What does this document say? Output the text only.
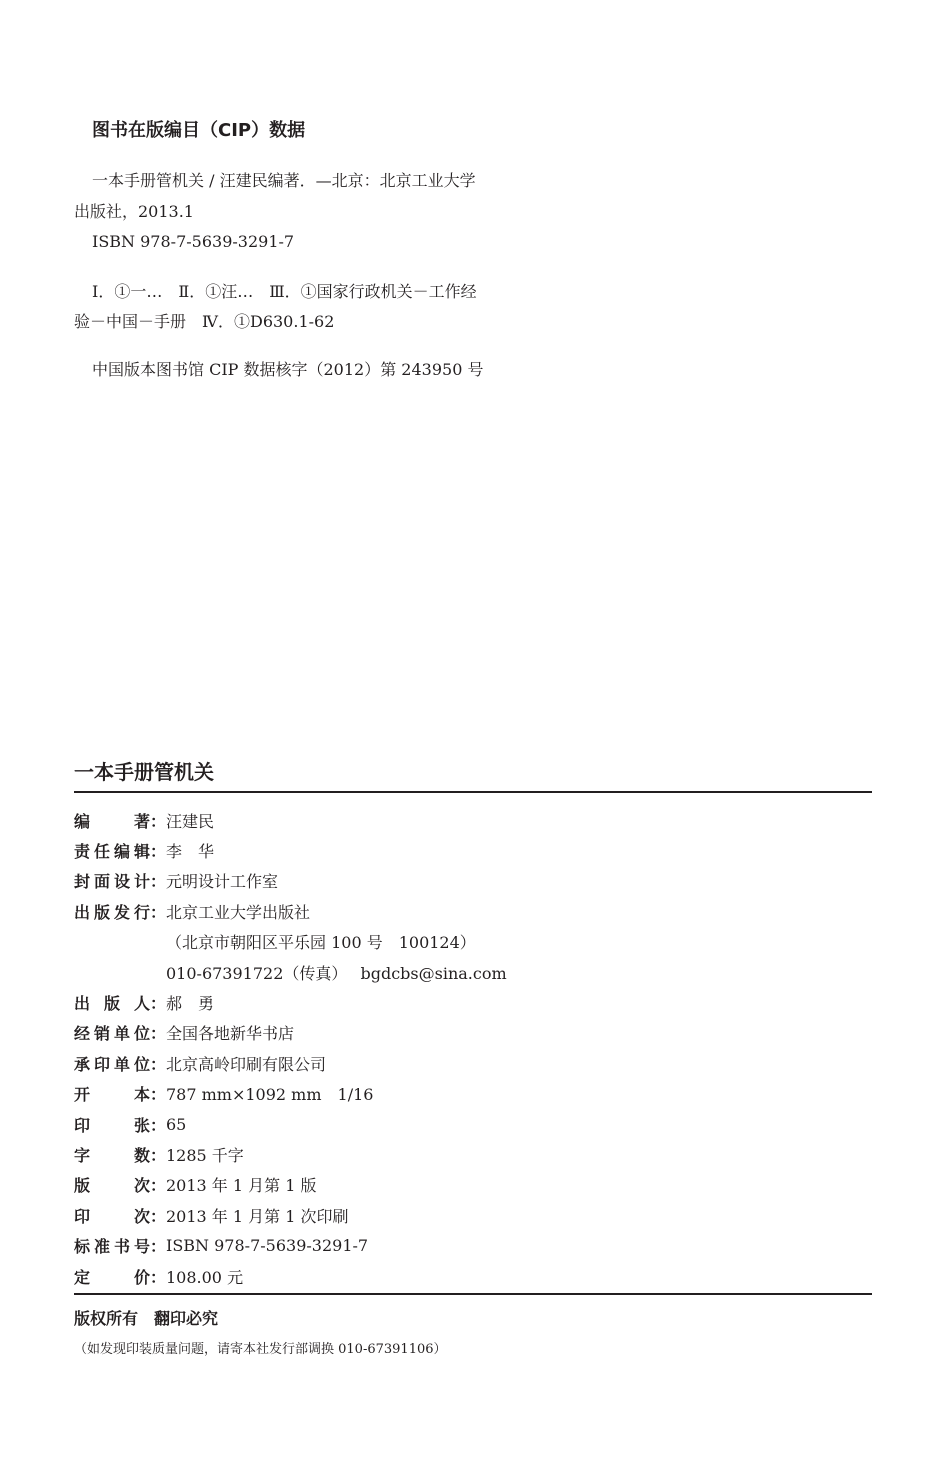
图书在版编目（CIP）数据
一本手册管机关 / 汪建民编著．—北京：北京工业大学
出版社，2013.1
ISBN 978-7-5639-3291-7
Ⅰ．①一…　Ⅱ．①汪…　Ⅲ．①国家行政机关－工作经
验－中国－手册　Ⅳ．①D630.1-62
中国版本图书馆 CIP 数据核字（2012）第 243950 号
一本手册管机关
编	著： 汪建民
责 任 编 辑： 李　华
封 面 设 计： 元明设计工作室
出 版 发 行： 北京工业大学出版社
（北京市朝阳区平乐园 100 号　100124）
010-67391722（传真）　 bgdcbs@sina.com
出 版 人： 郝　勇
经 销 单 位： 全国各地新华书店
承 印 单 位： 北京高岭印刷有限公司
开	本： 787 mm×1092 mm　1/16
印	张： 65
字	数： 1285 千字
版	次： 2013 年 1 月第 1 版
印	次： 2013 年 1 月第 1 次印刷
标 准 书 号： ISBN 978-7-5639-3291-7
定	价： 108.00 元
版权所有　翻印必究
（如发现印装质量问题，请寄本社发行部调换 010-67391106）
